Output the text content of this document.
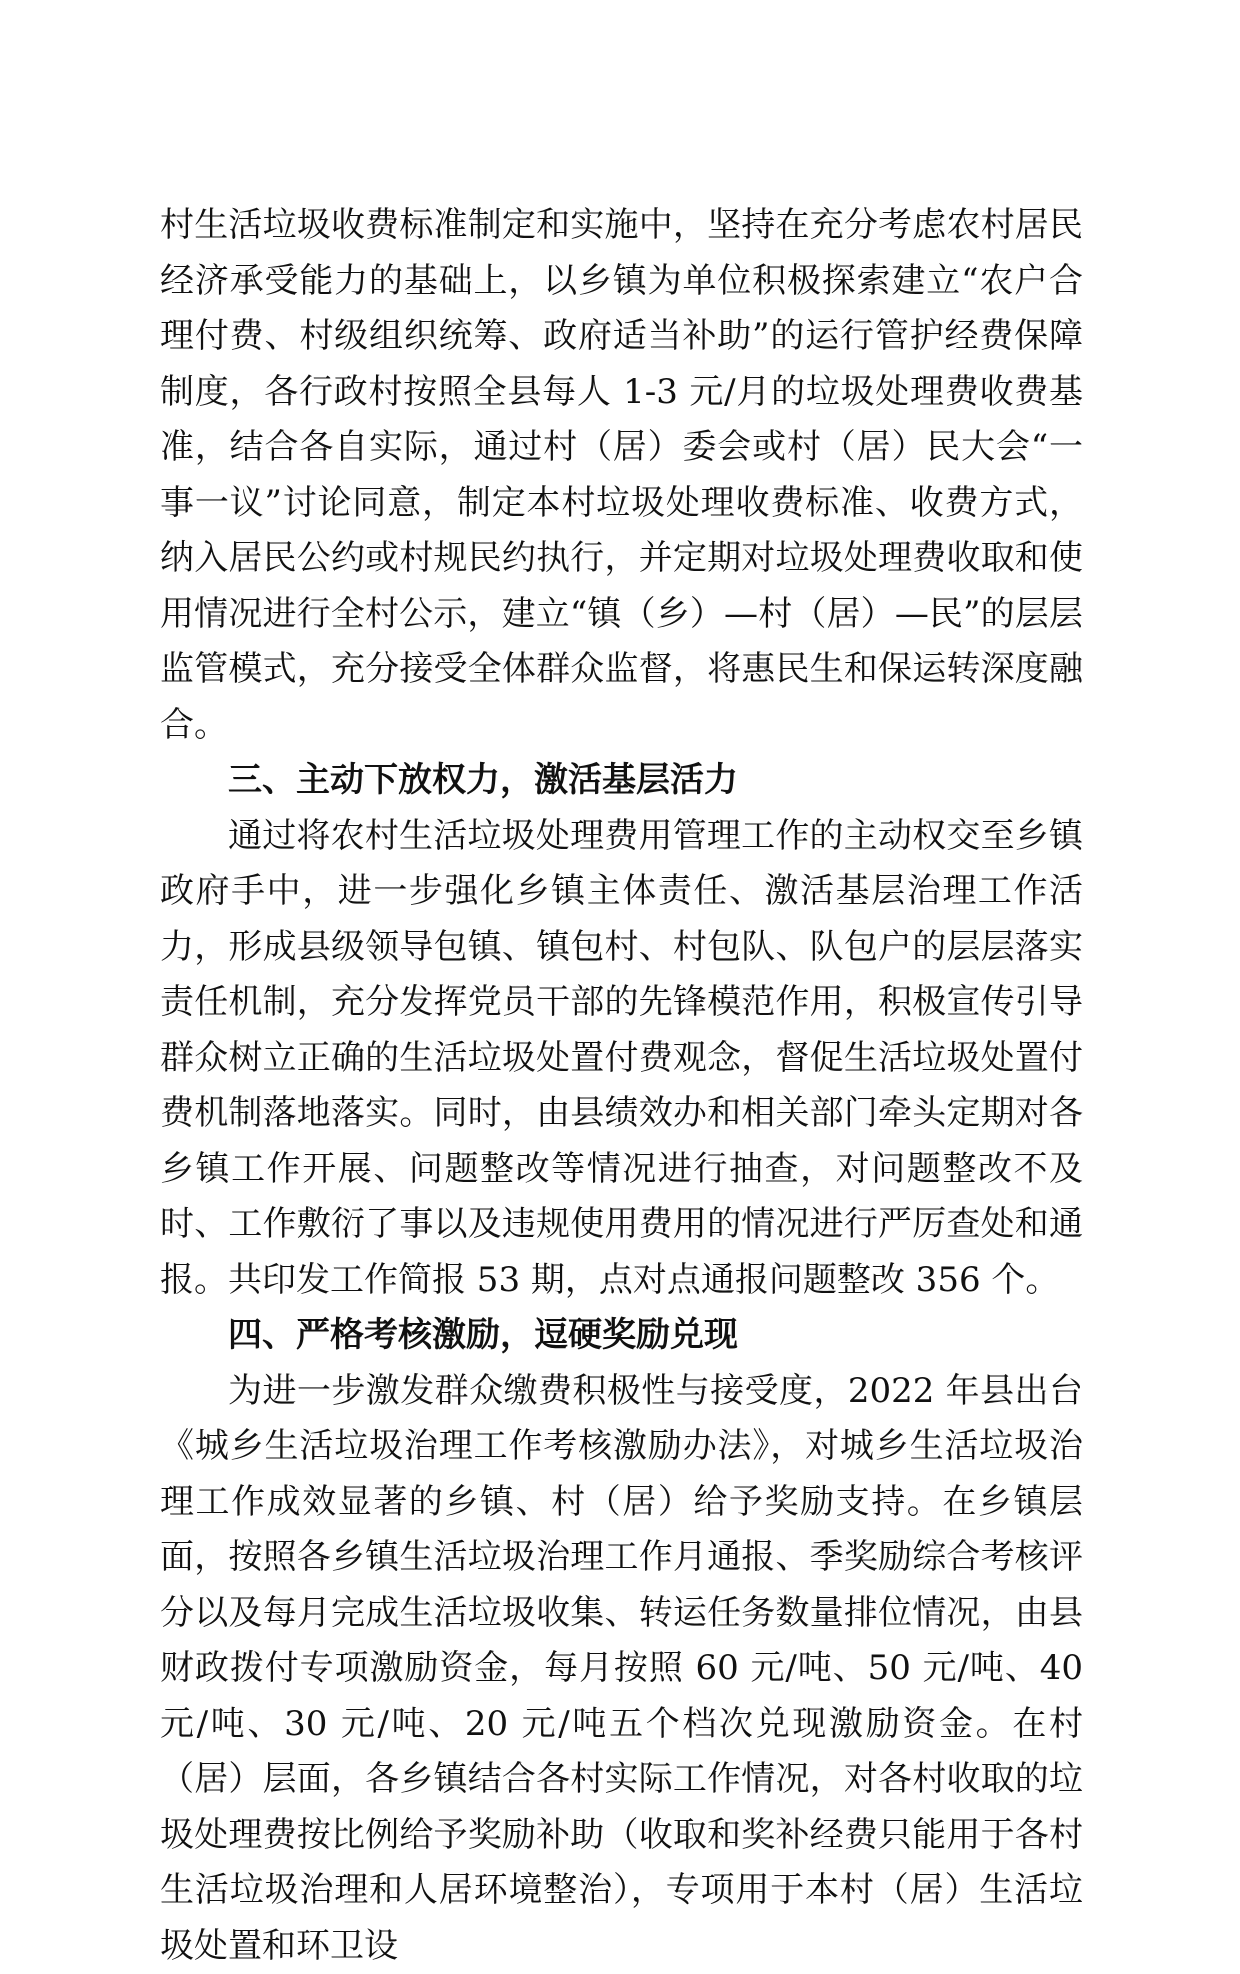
村生活垃圾收费标准制定和实施中，坚持在充分考虑农村居民经济承受能力的基础上，以乡镇为单位积极探索建立“农户合理付费、村级组织统筹、政府适当补助”的运行管护经费保障制度，各行政村按照全县每人 1-3 元/月的垃圾处理费收费基准，结合各自实际，通过村（居）委会或村（居）民大会“一事一议”讨论同意，制定本村垃圾处理收费标准、收费方式，纳入居民公约或村规民约执行，并定期对垃圾处理费收取和使用情况进行全村公示，建立“镇（乡）—村（居）—民”的层层监管模式，充分接受全体群众监督，将惠民生和保运转深度融合。

三、主动下放权力，激活基层活力

通过将农村生活垃圾处理费用管理工作的主动权交至乡镇政府手中，进一步强化乡镇主体责任、激活基层治理工作活力，形成县级领导包镇、镇包村、村包队、队包户的层层落实责任机制，充分发挥党员干部的先锋模范作用，积极宣传引导群众树立正确的生活垃圾处置付费观念，督促生活垃圾处置付费机制落地落实。同时，由县绩效办和相关部门牵头定期对各乡镇工作开展、问题整改等情况进行抽查，对问题整改不及时、工作敷衍了事以及违规使用费用的情况进行严厉查处和通报。共印发工作简报 53 期，点对点通报问题整改 356 个。

四、严格考核激励，逗硬奖励兑现

为进一步激发群众缴费积极性与接受度，2022 年县出台《城乡生活垃圾治理工作考核激励办法》，对城乡生活垃圾治理工作成效显著的乡镇、村（居）给予奖励支持。在乡镇层面，按照各乡镇生活垃圾治理工作月通报、季奖励综合考核评分以及每月完成生活垃圾收集、转运任务数量排位情况，由县财政拨付专项激励资金，每月按照 60 元/吨、50 元/吨、40 元/吨、30 元/吨、20 元/吨五个档次兑现激励资金。在村（居）层面，各乡镇结合各村实际工作情况，对各村收取的垃圾处理费按比例给予奖励补助（收取和奖补经费只能用于各村生活垃圾治理和人居环境整治），专项用于本村（居）生活垃圾处置和环卫设
